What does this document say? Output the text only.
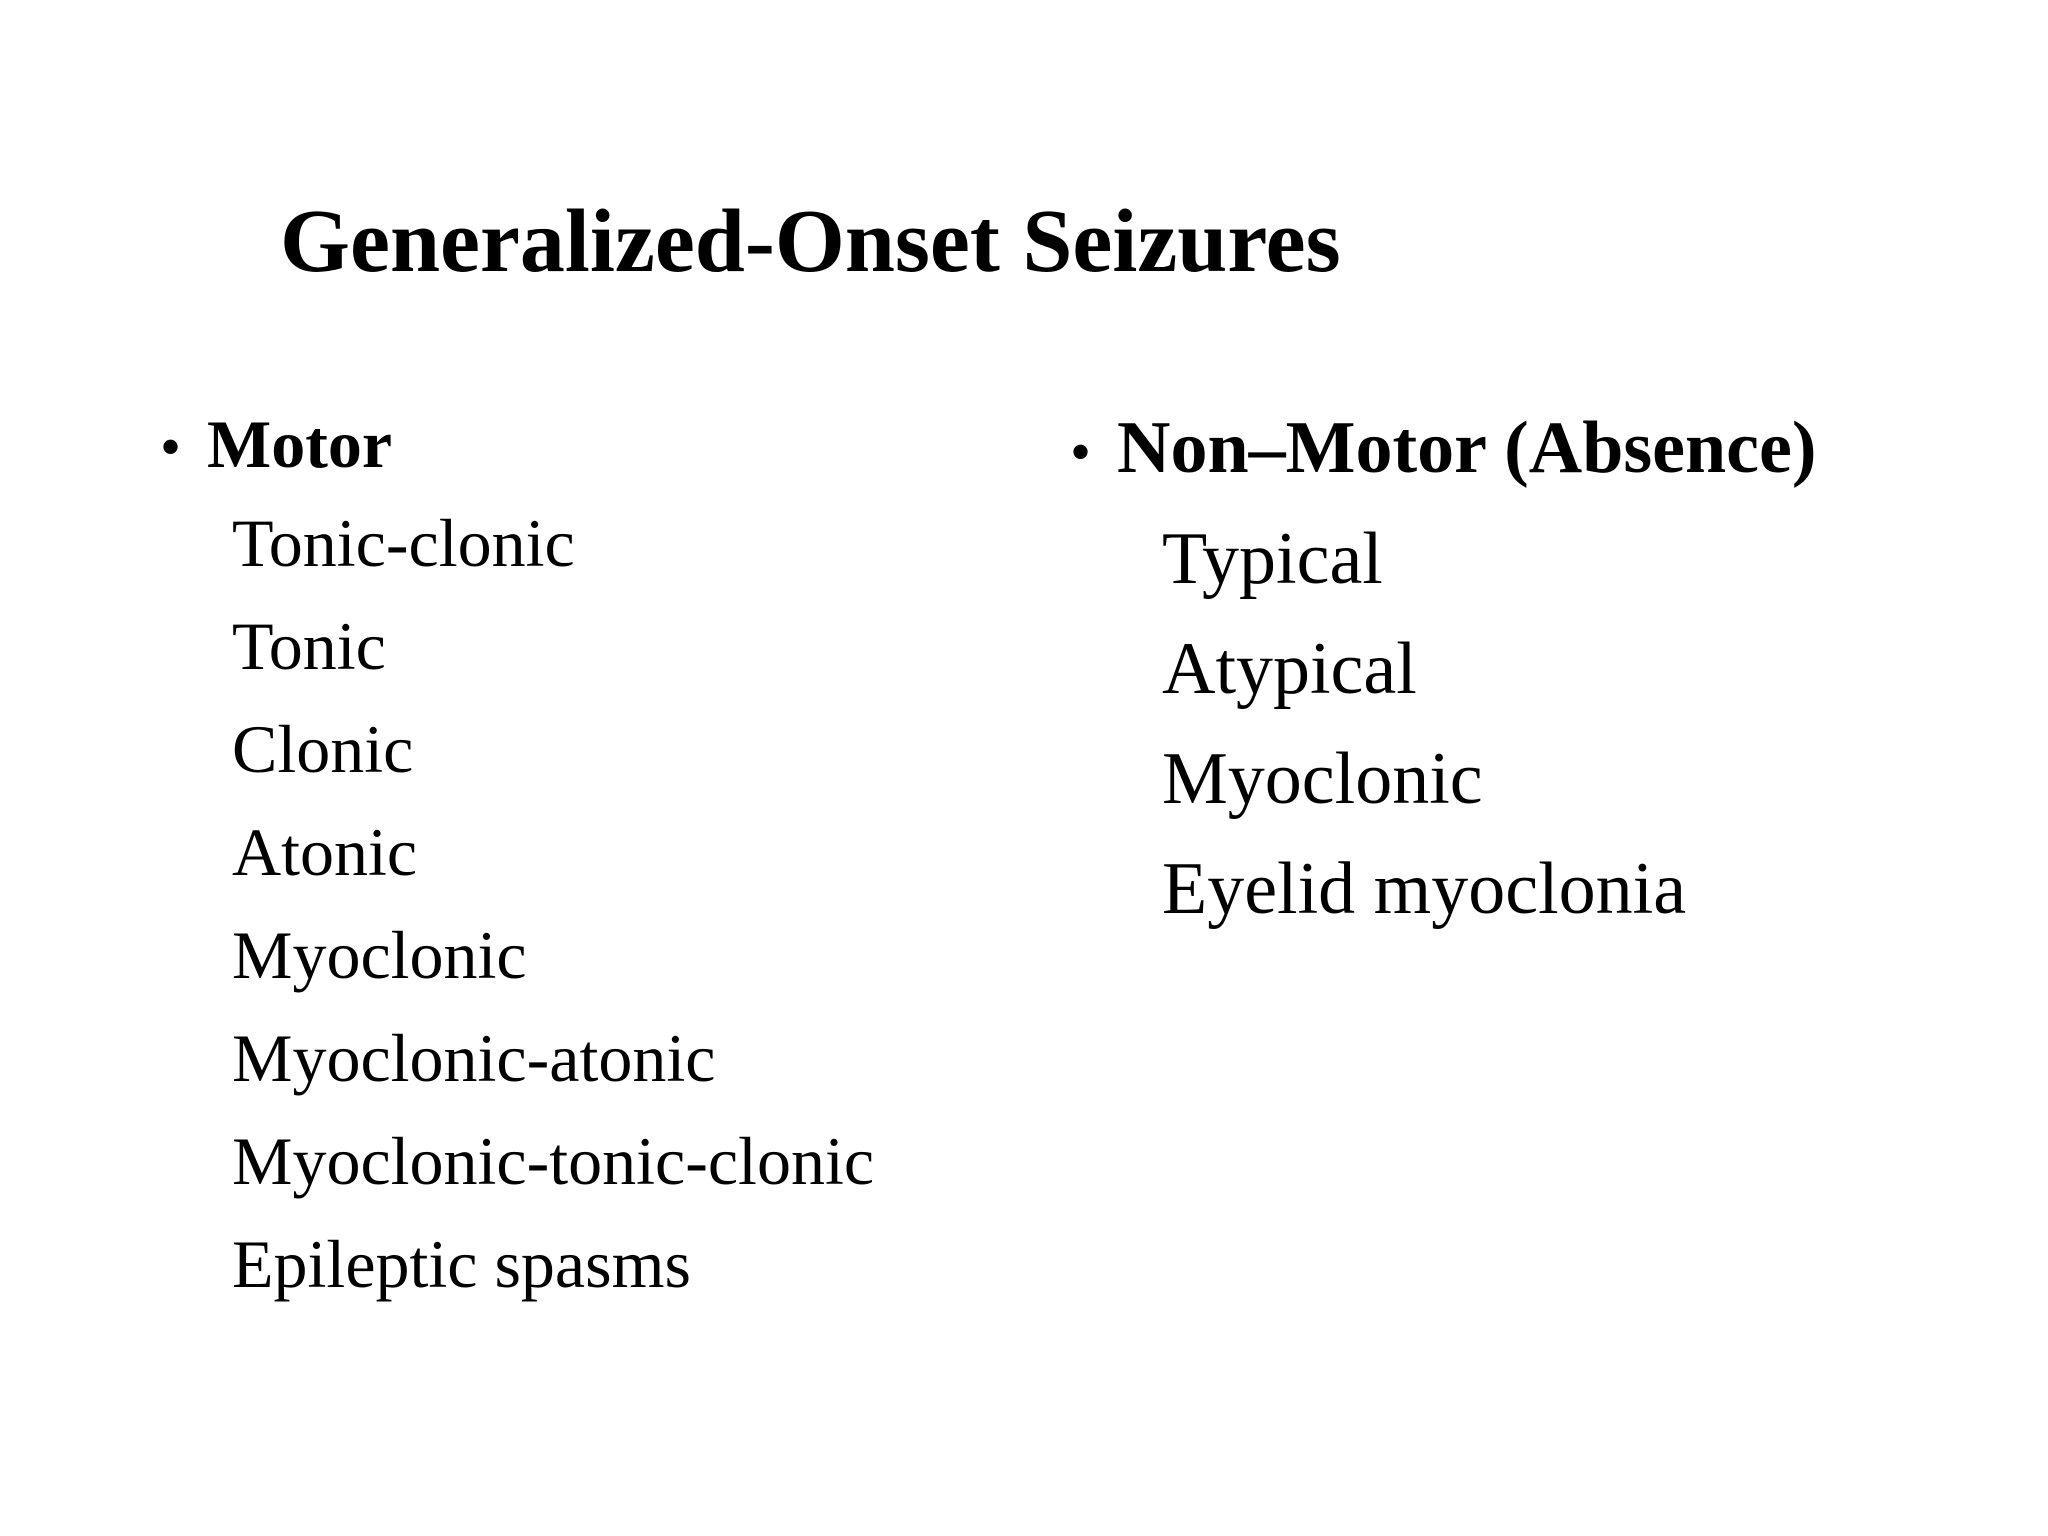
Generalized-Onset Seizures
• Motor
Tonic-clonic
Tonic
Clonic
Atonic
Myoclonic
Myoclonic-atonic
Myoclonic-tonic-clonic
Epileptic spasms
• Non–Motor (Absence)
Typical
Atypical
Myoclonic
Eyelid myoclonia
